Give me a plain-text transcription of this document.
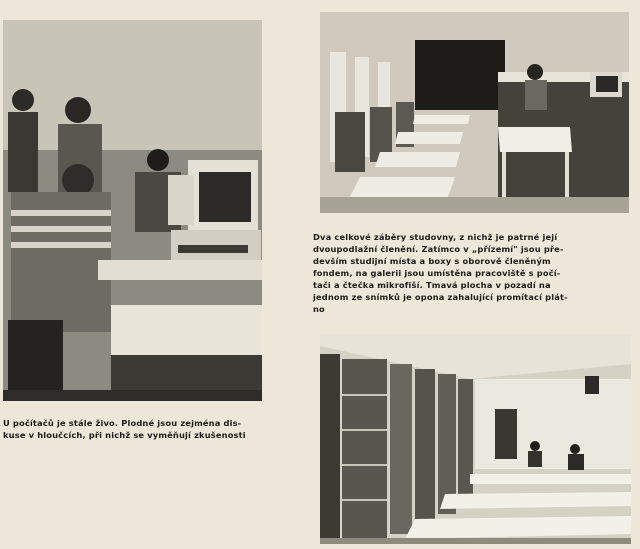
Dva celkové záběry studovny, z nichž je patrné její
dvoupodlažní členění. Zatímco v „přízemí" jsou pře-
devším studijní místa a boxy s oborově členěným
fondem, na galerii jsou umístěna pracoviště s počí-
tači a čtečka mikrofiší. Tmavá plocha v pozadí na
jednom ze snímků je opona zahalující promítací plát-
no

U počítačů je stále živo. Plodné jsou zejména dis-
kuse v hloučcích, při nichž se vyměňují zkušenosti
